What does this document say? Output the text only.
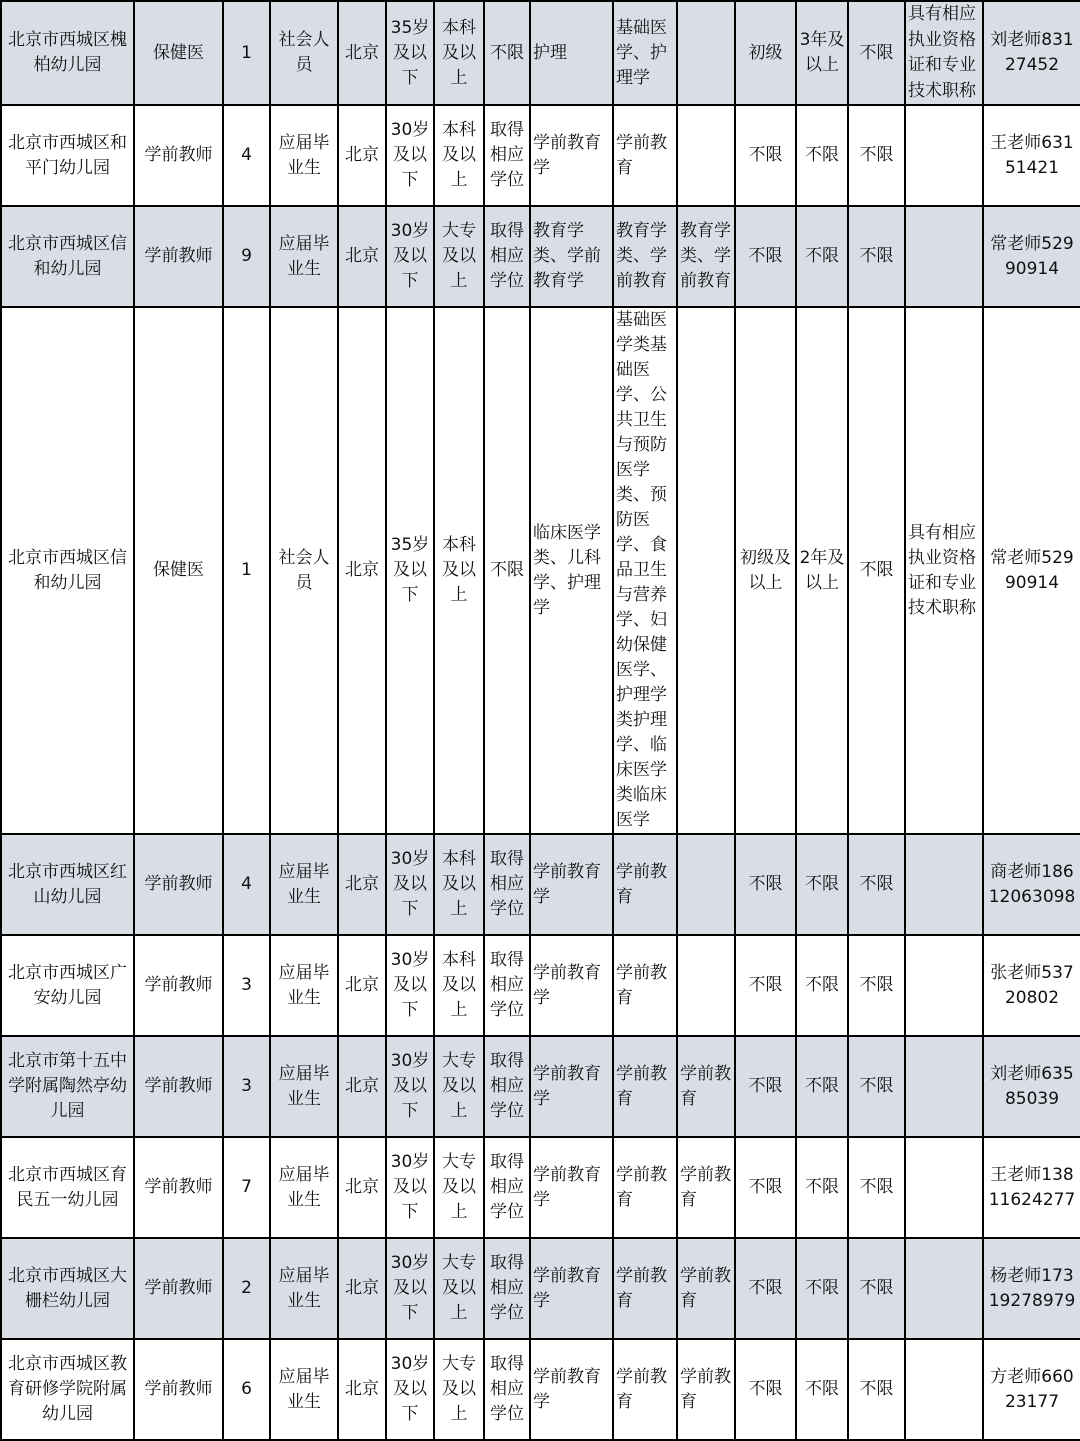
北京市西城区槐柏幼儿园	保健医	1	社会人员	北京	35岁及以下	本科及以上	不限	护理	基础医学、护理学		初级	3年及以上	不限	具有相应执业资格证和专业技术职称	刘老师83127452
北京市西城区和平门幼儿园	学前教师	4	应届毕业生	北京	30岁及以下	本科及以上	取得相应学位	学前教育学	学前教育		不限	不限	不限		王老师63151421
北京市西城区信和幼儿园	学前教师	9	应届毕业生	北京	30岁及以下	大专及以上	取得相应学位	教育学类、学前教育学	教育学类、学前教育	教育学类、学前教育	不限	不限	不限		常老师52990914
北京市西城区信和幼儿园	保健医	1	社会人员	北京	35岁及以下	本科及以上	不限	临床医学类、儿科学、护理学	基础医学类基础医学、公共卫生与预防医学类、预防医学、食品卫生与营养学、妇幼保健医学、护理学类护理学、临床医学类临床医学		初级及以上	2年及以上	不限	具有相应执业资格证和专业技术职称	常老师52990914
北京市西城区红山幼儿园	学前教师	4	应届毕业生	北京	30岁及以下	本科及以上	取得相应学位	学前教育学	学前教育		不限	不限	不限		商老师18612063098
北京市西城区广安幼儿园	学前教师	3	应届毕业生	北京	30岁及以下	本科及以上	取得相应学位	学前教育学	学前教育		不限	不限	不限		张老师53720802
北京市第十五中学附属陶然亭幼儿园	学前教师	3	应届毕业生	北京	30岁及以下	大专及以上	取得相应学位	学前教育学	学前教育	学前教育	不限	不限	不限		刘老师63585039
北京市西城区育民五一幼儿园	学前教师	7	应届毕业生	北京	30岁及以下	大专及以上	取得相应学位	学前教育学	学前教育	学前教育	不限	不限	不限		王老师13811624277
北京市西城区大栅栏幼儿园	学前教师	2	应届毕业生	北京	30岁及以下	大专及以上	取得相应学位	学前教育学	学前教育	学前教育	不限	不限	不限		杨老师17319278979
北京市西城区教育研修学院附属幼儿园	学前教师	6	应届毕业生	北京	30岁及以下	大专及以上	取得相应学位	学前教育学	学前教育	学前教育	不限	不限	不限		方老师66023177
